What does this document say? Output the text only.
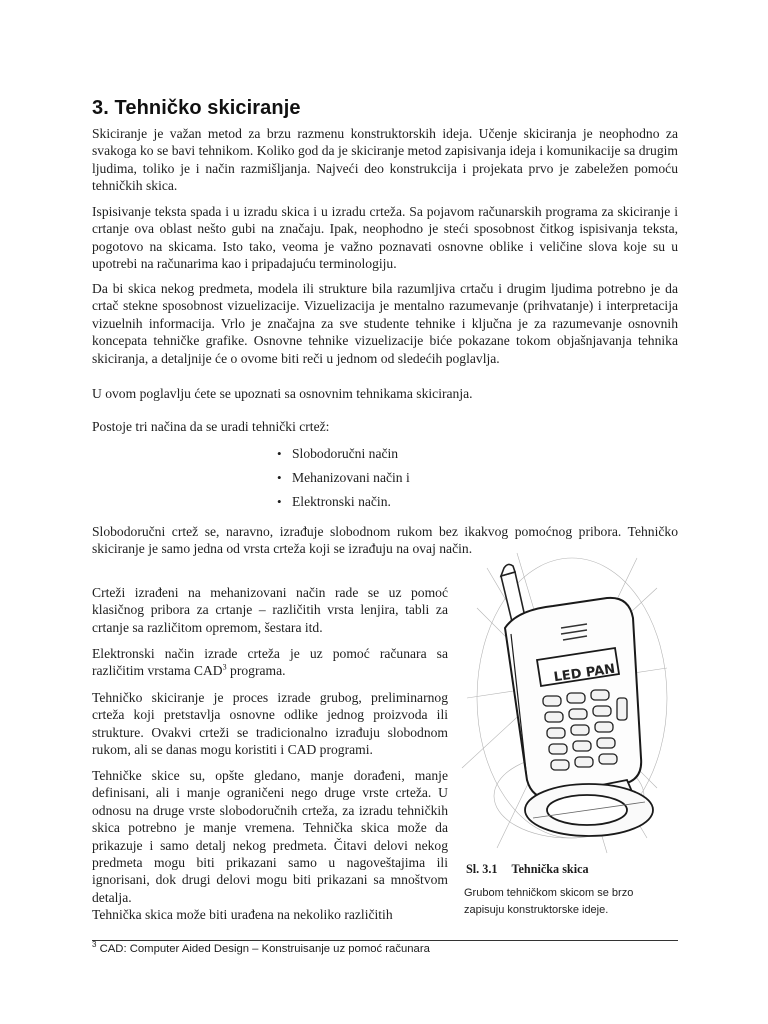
3. Tehničko skiciranje

Skiciranje je važan metod za brzu razmenu konstruktorskih ideja. Učenje skiciranja je neophodno za svakoga ko se bavi tehnikom. Koliko god da je skiciranje metod zapisivanja ideja i komunikacije sa drugim ljudima, toliko je i način razmišljanja. Najveći deo konstrukcija i projekata prvo je zabeležen pomoću tehničkih skica.

Ispisivanje teksta spada i u izradu skica i u izradu crteža. Sa pojavom računarskih programa za skiciranje i crtanje ova oblast nešto gubi na značaju. Ipak, neophodno je steći sposobnost čitkog ispisivanja teksta, pogotovo na skicama. Isto tako, veoma je važno poznavati osnovne oblike i veličine slova koje su u upotrebi na računarima kao i pripadajuću terminologiju.

Da bi skica nekog predmeta, modela ili strukture bila razumljiva crtaču i drugim ljudima potrebno je da crtač stekne sposobnost vizuelizacije. Vizuelizacija je mentalno razumevanje (prihvatanje) i interpretacija vizuelnih informacija. Vrlo je značajna za sve studente tehnike i ključna je za razumevanje osnovnih koncepata tehničke grafike. Osnovne tehnike vizuelizacije biće pokazane tokom objašnjavanja tehnika skiciranja, a detaljnije će o ovome biti reči u jednom od sledećih poglavlja.

U ovom poglavlju ćete se upoznati sa osnovnim tehnikama skiciranja.

Postoje tri načina da se uradi tehnički crtež:

• Slobodoručni način
• Mehanizovani način i
• Elektronski način.

Slobodoručni crtež se, naravno, izrađuje slobodnom rukom bez ikakvog pomoćnog pribora. Tehničko skiciranje je samo jedna od vrsta crteža koji se izrađuju na ovaj način.

Crteži izrađeni na mehanizovani način rade se uz pomoć klasičnog pribora za crtanje – različitih vrsta lenjira, tabli za crtanje sa različitom opremom, šestara itd.

Elektronski način izrade crteža je uz pomoć računara sa različitim vrstama CAD$^3$ programa.

Tehničko skiciranje je proces izrade grubog, preliminarnog crteža koji pretstavlja osnovne odlike jednog proizvoda ili strukture. Ovakvi crteži se tradicionalno izrađuju slobodnom rukom, ali se danas mogu koristiti i CAD programi.

Tehničke skice su, opšte gledano, manje dorađeni, manje definisani, ali i manje ograničeni nego druge vrste crteža. U odnosu na druge vrste slobodoručnih crteža, za izradu tehničkih skica potrebno je manje vremena. Tehnička skica može da prikazuje i samo detalj nekog predmeta. Čitavi delovi nekog predmeta mogu biti prikazani samo u nagoveštajima ili ignorisani, dok drugi delovi mogu biti prikazani sa mnoštvom detalja.

Tehnička skica može biti urađena na nekoliko različitih

LED PAN
Sl. 3.1 Tehnička skica

Grubom tehničkom skicom se brzo zapisuju konstruktorske ideje.

$^3$ CAD: Computer Aided Design – Konstruisanje uz pomoć računara
